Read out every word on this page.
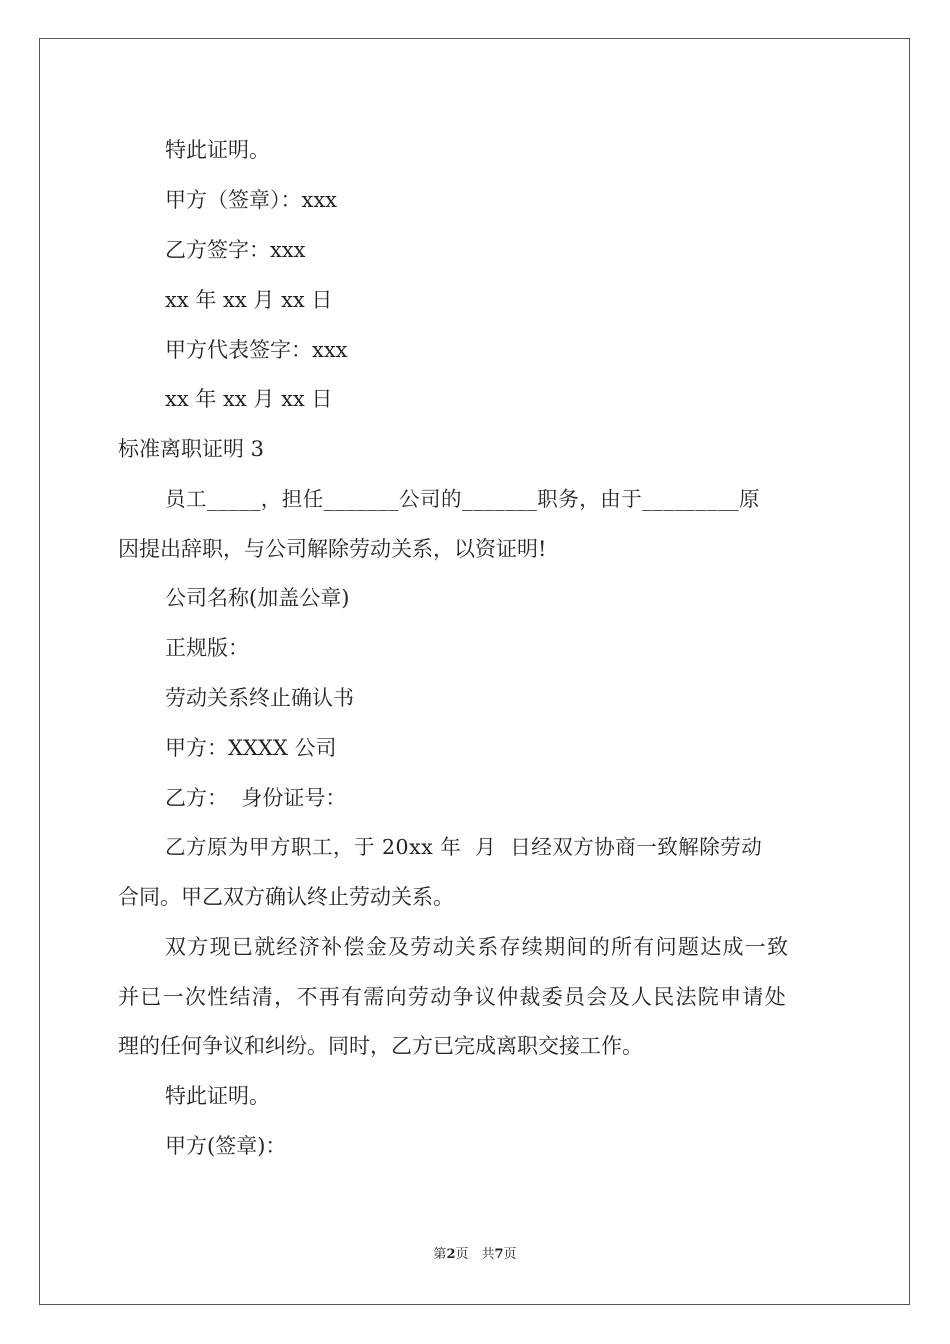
特此证明。
甲方（签章）：xxx
乙方签字：xxx
xx 年 xx 月 xx 日
甲方代表签字：xxx
xx 年 xx 月 xx 日
标准离职证明 3
员工_____，担任_______公司的_______职务，由于_________原
因提出辞职，与公司解除劳动关系，以资证明!
公司名称(加盖公章)
正规版：
劳动关系终止确认书
甲方：XXXX 公司
乙方：  身份证号：
乙方原为甲方职工，于 20xx 年  月  日经双方协商一致解除劳动
合同。甲乙双方确认终止劳动关系。
双方现已就经济补偿金及劳动关系存续期间的所有问题达成一致
并已一次性结清，不再有需向劳动争议仲裁委员会及人民法院申请处
理的任何争议和纠纷。同时，乙方已完成离职交接工作。
特此证明。
甲方(签章)：
第2页　共7页
